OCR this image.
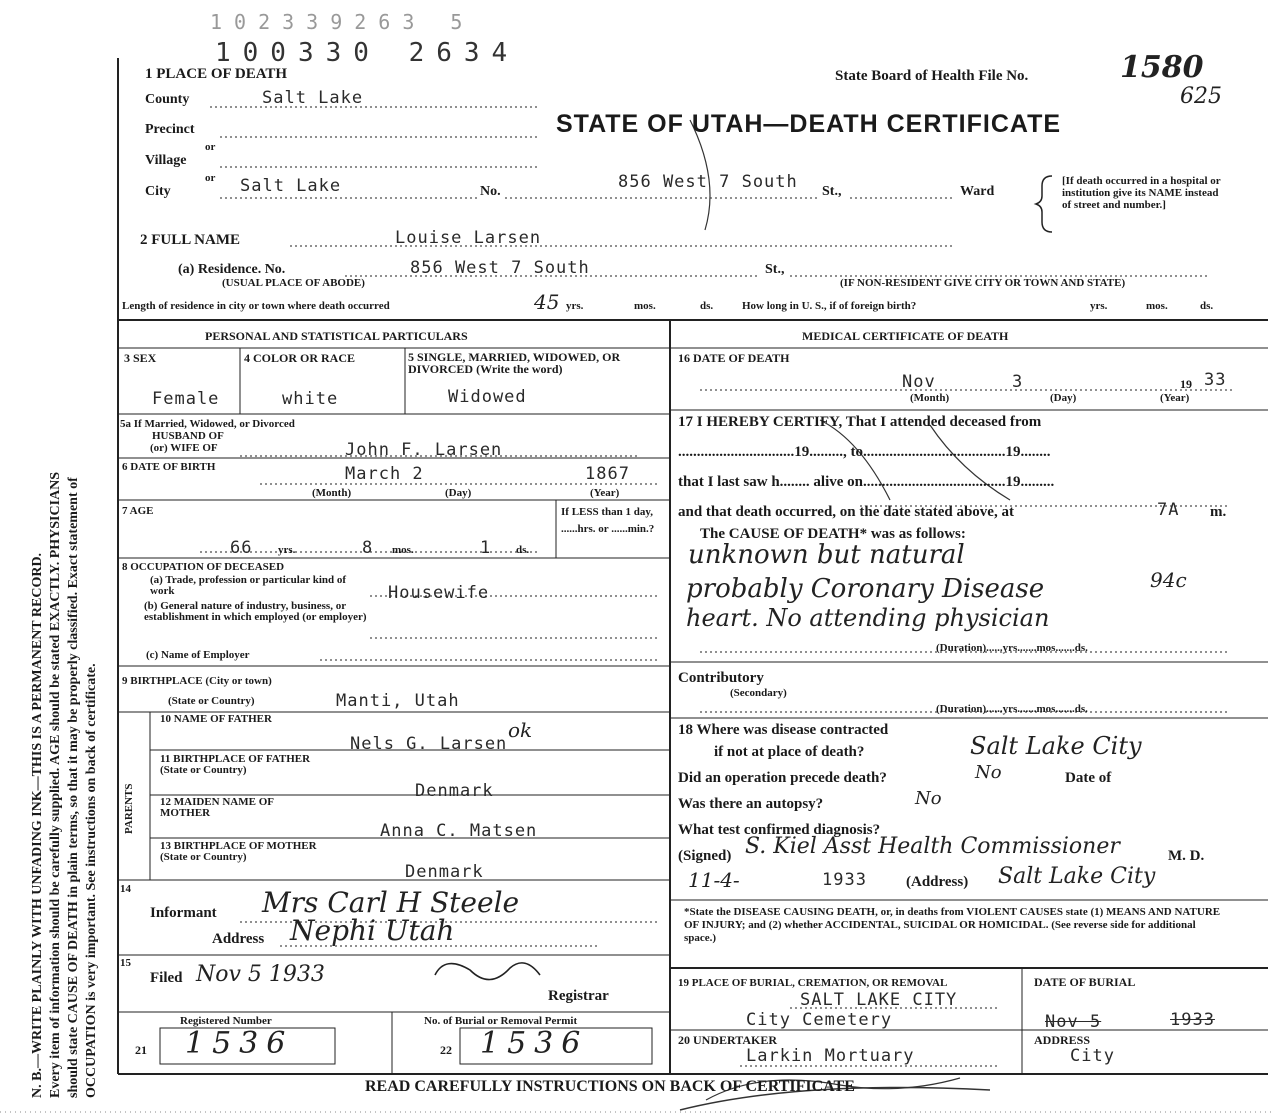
N. B.—WRITE PLAINLY WITH UNFADING INK—THIS IS A PERMANENT RECORD. Every item of information should be carefully supplied. AGE should be stated EXACTLY. PHYSICIANS should state CAUSE OF DEATH in plain terms, so that it may be properly classified. Exact statement of OCCUPATION is very important. See instructions on back of certificate.
102339263 5
100330 2634
1 PLACE OF DEATH	State Board of Health File No.	1580
625
STATE OF UTAH—DEATH CERTIFICATE
County	Salt Lake
Precinct
or
Village
or
City	Salt Lake	No.	856 West 7 South St.,	Ward
[If death occurred in a hospital or institution give its NAME instead of street and number.]
2 FULL NAME	Louise Larsen
(a) Residence. No.	856 West 7 South	St.,
(USUAL PLACE OF ABODE)	(IF NON-RESIDENT GIVE CITY OR TOWN AND STATE)
Length of residence in city or town where death occurred	45 yrs.	mos.	ds.	How long in U. S., if of foreign birth?	yrs.	mos.	ds.
PERSONAL AND STATISTICAL PARTICULARS
3 SEX
Female
4 COLOR OR RACE
white
5 SINGLE, MARRIED, WIDOWED, OR DIVORCED (Write the word)
Widowed
5a If Married, Widowed, or Divorced
HUSBAND OF
(or) WIFE OF	John F. Larsen
6 DATE OF BIRTH	March 2	1867
(Month)	(Day)	(Year)
7 AGE
66 yrs.	8 mos.	1 ds.
If LESS than 1 day, ......hrs. or ......min.?
8 OCCUPATION OF DECEASED
(a) Trade, profession or particular kind of work	Housewife
(b) General nature of industry, business, or establishment in which employed (or employer)
(c) Name of Employer
9 BIRTHPLACE (City or town)
(State or Country)	Manti, Utah
PARENTS
10 NAME OF FATHER
Nels G. Larsen
ok
11 BIRTHPLACE OF FATHER (State or Country)
Denmark
12 MAIDEN NAME OF MOTHER
Anna C. Matsen
13 BIRTHPLACE OF MOTHER (State or Country)
Denmark
14
Informant Mrs Carl H Steele
Address Nephi Utah
15
Filed Nov 5 1933
Registrar
Registered Number	No. of Burial or Removal Permit
21	22
1536	1536
MEDICAL CERTIFICATE OF DEATH
16 DATE OF DEATH
Nov	3	19 33
(Month)	(Day)	(Year)
17 I HEREBY CERTIFY, That I attended deceased from
...............................19........., to......................................19........
that I last saw h........ alive on......................................19.........
and that death occurred, on the date stated above, at	7A m.
The CAUSE OF DEATH* was as follows:
unknown but natural
probably Coronary Disease	94c
heart. No attending physician
(Duration)......yrs.......mos.......ds.
Contributory
(Secondary)
(Duration)......yrs.......mos.......ds.
18 Where was disease contracted
if not at place of death?	Salt Lake City
Did an operation precede death?	No	Date of
Was there an autopsy?	No
What test confirmed diagnosis?
(Signed) S. Kiel Asst Health Commissioner	M. D.
11-4-	1933	(Address) Salt Lake City
*State the DISEASE CAUSING DEATH, or, in deaths from VIOLENT CAUSES state (1) MEANS AND NATURE OF INJURY; and (2) whether ACCIDENTAL, SUICIDAL OR HOMICIDAL. (See reverse side for additional space.)
19 PLACE OF BURIAL, CREMATION, OR REMOVAL
SALT LAKE CITY
City Cemetery
DATE OF BURIAL
Nov 5	1933
20 UNDERTAKER
Larkin Mortuary
ADDRESS
City
READ CAREFULLY INSTRUCTIONS ON BACK OF CERTIFICATE
